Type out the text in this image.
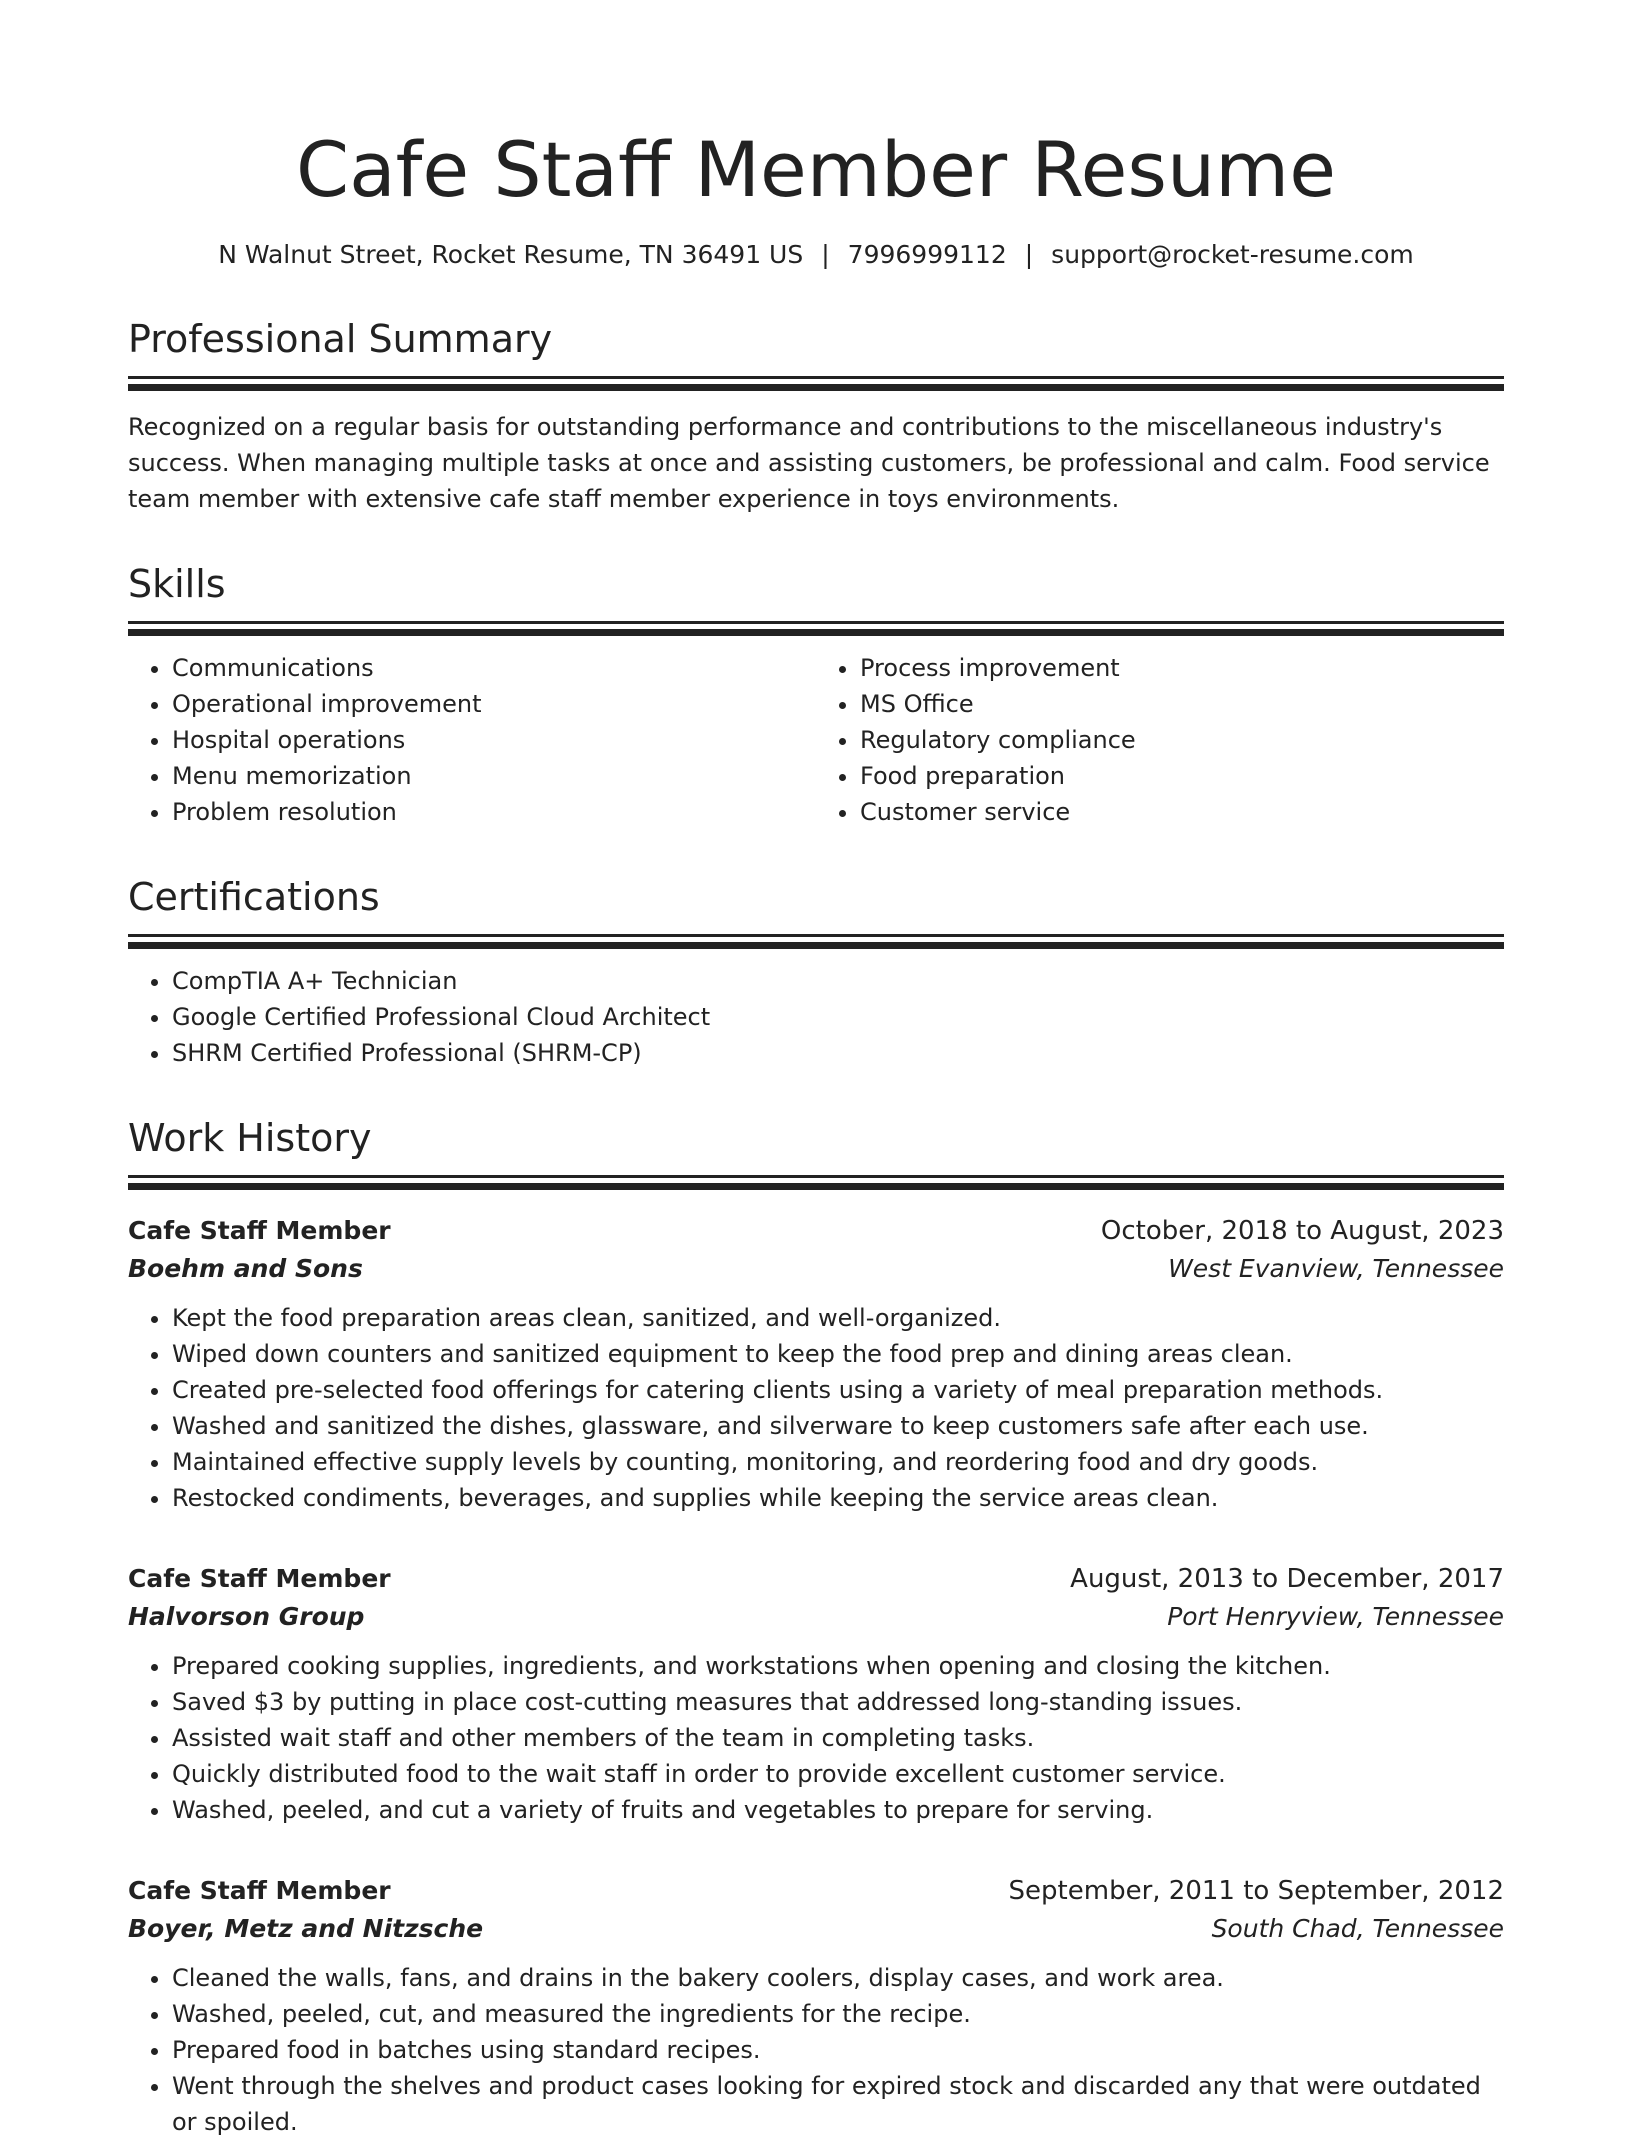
Cafe Staff Member Resume
N Walnut Street, Rocket Resume, TN 36491 US | 7996999112 | support@rocket-resume.com
Professional Summary

Recognized on a regular basis for outstanding performance and contributions to the miscellaneous industry's success. When managing multiple tasks at once and assisting customers, be professional and calm. Food service team member with extensive cafe staff member experience in toys environments.

Skills
• Communications
• Operational improvement
• Hospital operations
• Menu memorization
• Problem resolution
• Process improvement
• MS Office
• Regulatory compliance
• Food preparation
• Customer service
Certifications
• CompTIA A+ Technician
• Google Certified Professional Cloud Architect
• SHRM Certified Professional (SHRM-CP)
Work History
Cafe Staff Member	October, 2018 to August, 2023
Boehm and Sons	West Evanview, Tennessee
• Kept the food preparation areas clean, sanitized, and well-organized.
• Wiped down counters and sanitized equipment to keep the food prep and dining areas clean.
• Created pre-selected food offerings for catering clients using a variety of meal preparation methods.
• Washed and sanitized the dishes, glassware, and silverware to keep customers safe after each use.
• Maintained effective supply levels by counting, monitoring, and reordering food and dry goods.
• Restocked condiments, beverages, and supplies while keeping the service areas clean.
Cafe Staff Member	August, 2013 to December, 2017
Halvorson Group	Port Henryview, Tennessee
• Prepared cooking supplies, ingredients, and workstations when opening and closing the kitchen.
• Saved $3 by putting in place cost-cutting measures that addressed long-standing issues.
• Assisted wait staff and other members of the team in completing tasks.
• Quickly distributed food to the wait staff in order to provide excellent customer service.
• Washed, peeled, and cut a variety of fruits and vegetables to prepare for serving.
Cafe Staff Member	September, 2011 to September, 2012
Boyer, Metz and Nitzsche	South Chad, Tennessee
• Cleaned the walls, fans, and drains in the bakery coolers, display cases, and work area.
• Washed, peeled, cut, and measured the ingredients for the recipe.
• Prepared food in batches using standard recipes.
• Went through the shelves and product cases looking for expired stock and discarded any that were outdated or spoiled.
